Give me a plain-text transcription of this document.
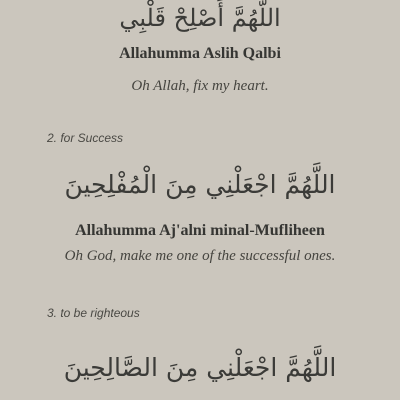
اللَّهُمَّ أَصْلِحْ قَلْبِي
Allahumma Aslih Qalbi
Oh Allah, fix my heart.
2. for Success
اللَّهُمَّ اجْعَلْنِي مِنَ الْمُفْلِحِينَ
Allahumma Aj'alni minal-Mufliheen
Oh God, make me one of the successful ones.
3. to be righteous
اللَّهُمَّ اجْعَلْنِي مِنَ الصَّالِحِينَ
